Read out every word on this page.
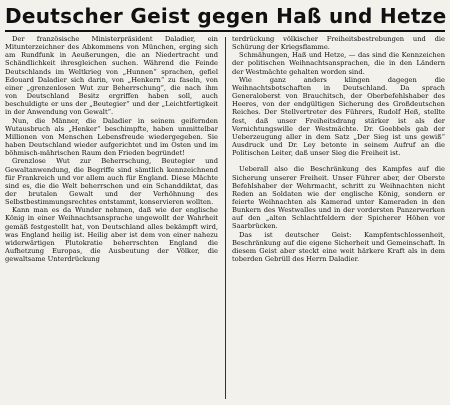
Deutscher Geist gegen Haß und Hetze

Der französische Ministerpräsident Daladier, ein Mitunterzeichner des Abkommens von München, erging sich am Rundfunk in Aeußerungen, die an Niedertracht und Schändlichkeit ihresgleichen suchen. Während die Feinde Deutschlands im Weltkrieg von „Hunnen“ sprachen, gefiel Edouard Daladier sich darin, von „Henkern“ zu faseln, von einer „grenzenlosen Wut zur Beherrschung“, die nach ihm von Deutschland Besitz ergriffen haben soll, auch beschuldigte er uns der „Beutegier“ und der „Leichtfertigkeit in der Anwendung von Gewalt“.

Nun, die Männer, die Daladier in seinem geifernden Wutausbruch als „Henker“ beschimpfte, haben unmittelbar Millionen von Menschen Lebensfreude wiedergegeben. Sie haben Deutschland wieder aufgerichtet und im Osten und im böhmisch-mährischen Raum den Frieden begründet!

Grenzlose Wut zur Beherrschung, Beutegier und Gewaltanwendung, die Begriffe sind sämtlich kennzeichnend für Frankreich und vor allem auch für England. Diese Mächte sind es, die die Welt beherrschen und ein Schanddiktat, das der brutalen Gewalt und der Verhöhnung des Selbstbestimmungsrechtes entstammt, konservieren wollten.

Kann man es da Wunder nehmen, daß wie der englische König in einer Weihnachtsansprache ungewollt der Wahrheit gemäß festgestellt hat, von Deutschland alles bekämpft wird, was England heilig ist. Heilig aber ist dem von einer nahezu widerwärtigen Plutokratie beherrschten England die Aufhetzung Europas, die Ausbeutung der Völker, die gewaltsame Unterdrückung

terdrückung völkischer Freiheitsbestrebungen und die Schürung der Kriegsflamme.

Schmähungen, Haß und Hetze, — das sind die Kennzeichen der politischen Weihnachtsansprachen, die in den Ländern der Westmächte gehalten worden sind.

Wie ganz anders klingen dagegen die Weihnachtsbotschaften in Deutschland. Da sprach Generaloberst von Brauchitsch, der Oberbefehlshaber des Heeres, von der endgültigen Sicherung des Großdeutschen Reiches. Der Stellvertreter des Führers, Rudolf Heß, stellte fest, daß unser Freiheitsdrang stärker ist als der Vernichtungswille der Westmächte. Dr. Goebbels gab der Ueberzeugung aller in dem Satz „Der Sieg ist uns gewiß“ Ausdruck und Dr. Ley betonte in seinem Aufruf an die Politischen Leiter, daß unser Sieg die Freiheit ist.

Ueberall also die Beschränkung des Kampfes auf die Sicherung unserer Freiheit. Unser Führer aber, der Oberste Befehlshaber der Wehrmacht, schritt zu Weihnachten nicht Reden an Soldaten wie der englische König, sondern er feierte Weihnachten als Kamerad unter Kameraden in den Bunkern des Westwalles und in der vordersten Panzerwerken auf den „alten Schlachtfeldern der Spicherer Höhen vor Saarbrücken.

Das ist deutscher Geist: Kampfentschlossenheit, Beschränkung auf die eigene Sicherheit und Gemeinschaft. In diesem Geist aber steckt eine weit härkere Kraft als in dem toberden Gebrüll des Herrn Daladier.
